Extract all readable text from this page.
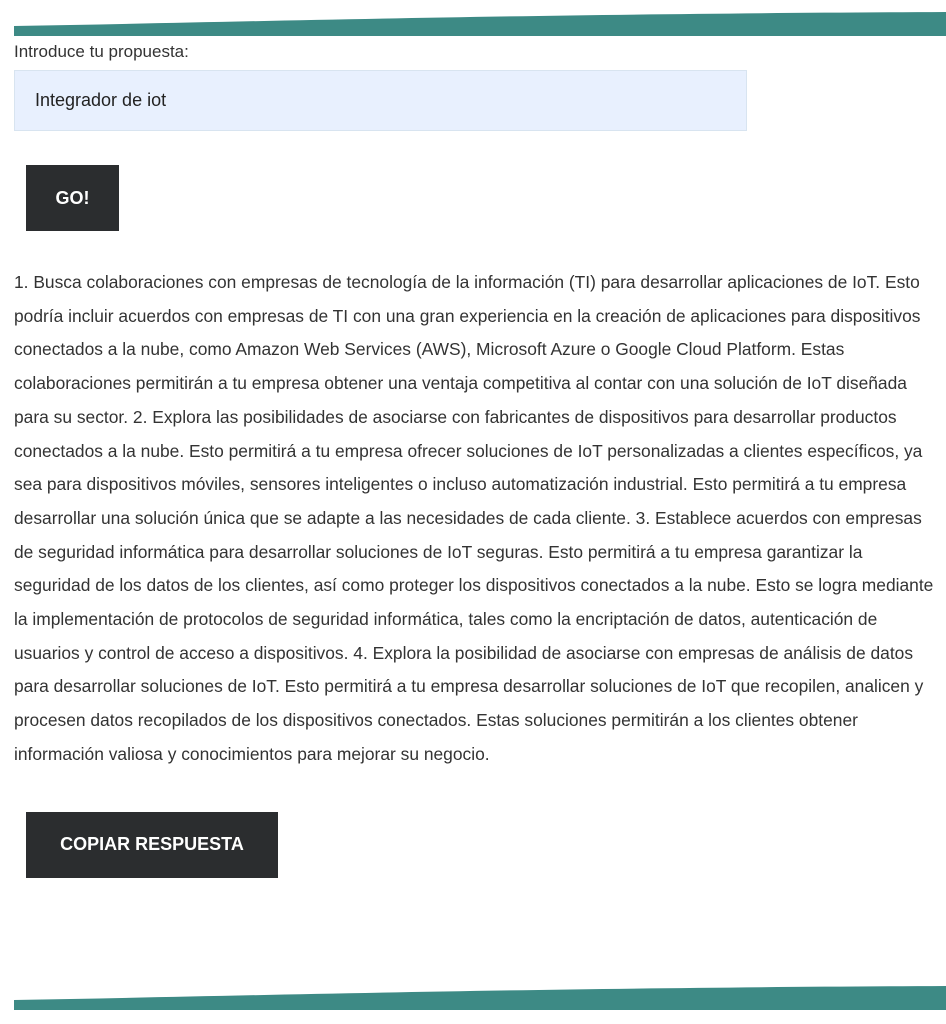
Introduce tu propuesta:

Integrador de iot
GO!

1. Busca colaboraciones con empresas de tecnología de la información (TI) para desarrollar aplicaciones de IoT. Esto podría incluir acuerdos con empresas de TI con una gran experiencia en la creación de aplicaciones para dispositivos conectados a la nube, como Amazon Web Services (AWS), Microsoft Azure o Google Cloud Platform. Estas colaboraciones permitirán a tu empresa obtener una ventaja competitiva al contar con una solución de IoT diseñada para su sector. 2. Explora las posibilidades de asociarse con fabricantes de dispositivos para desarrollar productos conectados a la nube. Esto permitirá a tu empresa ofrecer soluciones de IoT personalizadas a clientes específicos, ya sea para dispositivos móviles, sensores inteligentes o incluso automatización industrial. Esto permitirá a tu empresa desarrollar una solución única que se adapte a las necesidades de cada cliente. 3. Establece acuerdos con empresas de seguridad informática para desarrollar soluciones de IoT seguras. Esto permitirá a tu empresa garantizar la seguridad de los datos de los clientes, así como proteger los dispositivos conectados a la nube. Esto se logra mediante la implementación de protocolos de seguridad informática, tales como la encriptación de datos, autenticación de usuarios y control de acceso a dispositivos. 4. Explora la posibilidad de asociarse con empresas de análisis de datos para desarrollar soluciones de IoT. Esto permitirá a tu empresa desarrollar soluciones de IoT que recopilen, analicen y procesen datos recopilados de los dispositivos conectados. Estas soluciones permitirán a los clientes obtener información valiosa y conocimientos para mejorar su negocio.

COPIAR RESPUESTA
